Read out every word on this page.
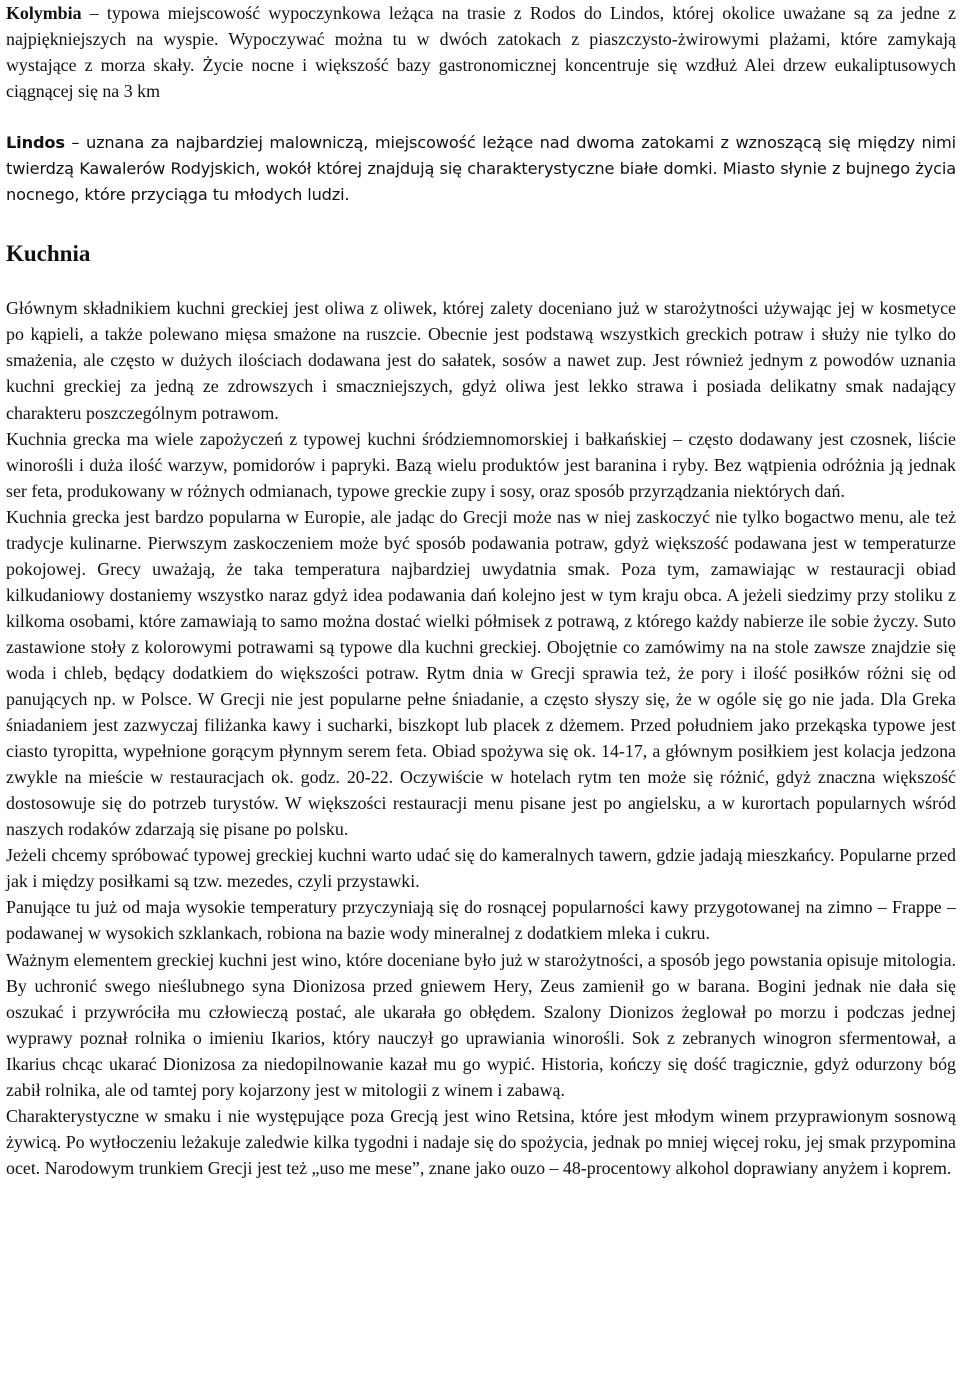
Kolymbia – typowa miejscowość wypoczynkowa leżąca na trasie z Rodos do Lindos, której okolice uważane są za jedne z najpiękniejszych na wyspie. Wypoczywać można tu w dwóch zatokach z piaszczysto-żwirowymi plażami, które zamykają wystające z morza skały. Życie nocne i większość bazy gastronomicznej koncentruje się wzdłuż Alei drzew eukaliptusowych ciągnącej się na 3 km

Lindos – uznana za najbardziej malowniczą, miejscowość leżące nad dwoma zatokami z wznoszącą się między nimi twierdzą Kawalerów Rodyjskich, wokół której znajdują się charakterystyczne białe domki. Miasto słynie z bujnego życia nocnego, które przyciąga tu młodych ludzi.

Kuchnia

Głównym składnikiem kuchni greckiej jest oliwa z oliwek, której zalety doceniano już w starożytności używając jej w kosmetyce po kąpieli, a także polewano mięsa smażone na ruszcie. Obecnie jest podstawą wszystkich greckich potraw i służy nie tylko do smażenia, ale często w dużych ilościach dodawana jest do sałatek, sosów a nawet zup. Jest również jednym z powodów uznania kuchni greckiej za jedną ze zdrowszych i smaczniejszych, gdyż oliwa jest lekko strawa i posiada delikatny smak nadający charakteru poszczególnym potrawom.

Kuchnia grecka ma wiele zapożyczeń z typowej kuchni śródziemnomorskiej i bałkańskiej – często dodawany jest czosnek, liście winorośli i duża ilość warzyw, pomidorów i papryki. Bazą wielu produktów jest baranina i ryby. Bez wątpienia odróżnia ją jednak ser feta, produkowany w różnych odmianach, typowe greckie zupy i sosy, oraz sposób przyrządzania niektórych dań.

Kuchnia grecka jest bardzo popularna w Europie, ale jadąc do Grecji może nas w niej zaskoczyć nie tylko bogactwo menu, ale też tradycje kulinarne. Pierwszym zaskoczeniem może być sposób podawania potraw, gdyż większość podawana jest w temperaturze pokojowej. Grecy uważają, że taka temperatura najbardziej uwydatnia smak. Poza tym, zamawiając w restauracji obiad kilkudaniowy dostaniemy wszystko naraz gdyż idea podawania dań kolejno jest w tym kraju obca. A jeżeli siedzimy przy stoliku z kilkoma osobami, które zamawiają to samo można dostać wielki półmisek z potrawą, z którego każdy nabierze ile sobie życzy. Suto zastawione stoły z kolorowymi potrawami są typowe dla kuchni greckiej. Obojętnie co zamówimy na na stole zawsze znajdzie się woda i chleb, będący dodatkiem do większości potraw. Rytm dnia w Grecji sprawia też, że pory i ilość posiłków różni się od panujących np. w Polsce. W Grecji nie jest popularne pełne śniadanie, a często słyszy się, że w ogóle się go nie jada. Dla Greka śniadaniem jest zazwyczaj filiżanka kawy i sucharki, biszkopt lub placek z dżemem. Przed południem jako przekąska typowe jest ciasto tyropitta, wypełnione gorącym płynnym serem feta. Obiad spożywa się ok. 14-17, a głównym posiłkiem jest kolacja jedzona zwykle na mieście w restauracjach ok. godz. 20-22. Oczywiście w hotelach rytm ten może się różnić, gdyż znaczna większość dostosowuje się do potrzeb turystów. W większości restauracji menu pisane jest po angielsku, a w kurortach popularnych wśród naszych rodaków zdarzają się pisane po polsku.

Jeżeli chcemy spróbować typowej greckiej kuchni warto udać się do kameralnych tawern, gdzie jadają mieszkańcy. Popularne przed jak i między posiłkami są tzw. mezedes, czyli przystawki.

Panujące tu już od maja wysokie temperatury przyczyniają się do rosnącej popularności kawy przygotowanej na zimno – Frappe – podawanej w wysokich szklankach, robiona na bazie wody mineralnej z dodatkiem mleka i cukru.

Ważnym elementem greckiej kuchni jest wino, które doceniane było już w starożytności, a sposób jego powstania opisuje mitologia. By uchronić swego nieślubnego syna Dionizosa przed gniewem Hery, Zeus zamienił go w barana. Bogini jednak nie dała się oszukać i przywróciła mu człowieczą postać, ale ukarała go obłędem. Szalony Dionizos żeglował po morzu i podczas jednej wyprawy poznał rolnika o imieniu Ikarios, który nauczył go uprawiania winorośli. Sok z zebranych winogron sfermentował, a Ikarius chcąc ukarać Dionizosa za niedopilnowanie kazał mu go wypić. Historia, kończy się dość tragicznie, gdyż odurzony bóg zabił rolnika, ale od tamtej pory kojarzony jest w mitologii z winem i zabawą.

Charakterystyczne w smaku i nie występujące poza Grecją jest wino Retsina, które jest młodym winem przyprawionym sosnową żywicą. Po wytłoczeniu leżakuje zaledwie kilka tygodni i nadaje się do spożycia, jednak po mniej więcej roku, jej smak przypomina ocet. Narodowym trunkiem Grecji jest też „uso me mese”, znane jako ouzo – 48-procentowy alkohol doprawiany anyżem i koprem.
